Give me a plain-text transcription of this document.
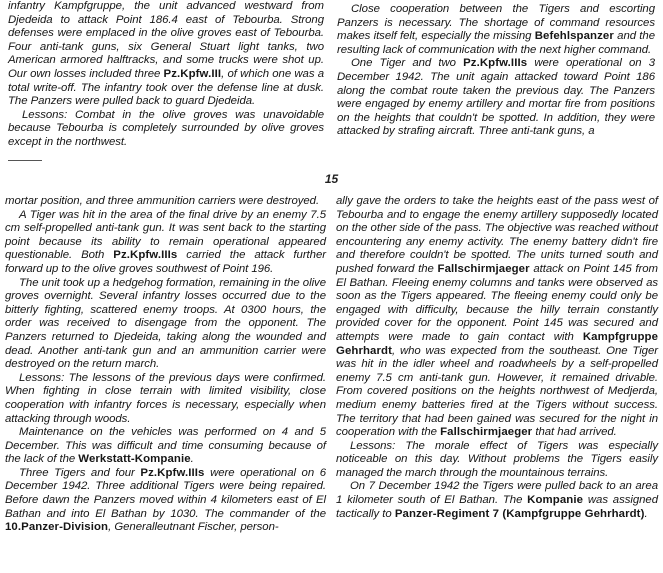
infantry Kampfgruppe, the unit advanced westward from Djedeida to attack Point 186.4 east of Tebourba. Strong defenses were emplaced in the olive groves east of Tebourba. Four anti-tank guns, six General Stuart light tanks, two American armored halftracks, and some trucks were shot up. Our own losses included three Pz.Kpfw.III, of which one was a total write-off. The infantry took over the defense line at dusk. The Panzers were pulled back to guard Djedeida.

Lessons: Combat in the olive groves was unavoidable because Tebourba is completely surrounded by olive groves except in the northwest.

Close cooperation between the Tigers and escorting Panzers is necessary. The shortage of command resources makes itself felt, especially the missing Befehlspanzer and the resulting lack of communication with the next higher command.

One Tiger and two Pz.Kpfw.IIIs were operational on 3 December 1942. The unit again attacked toward Point 186 along the combat route taken the previous day. The Panzers were engaged by enemy artillery and mortar fire from positions on the heights that couldn't be spotted. In addition, they were attacked by strafing aircraft. Three anti-tank guns, a

15

mortar position, and three ammunition carriers were destroyed.

A Tiger was hit in the area of the final drive by an enemy 7.5 cm self-propelled anti-tank gun. It was sent back to the starting point because its ability to remain operational appeared questionable. Both Pz.Kpfw.IIIs carried the attack further forward up to the olive groves southwest of Point 196.

The unit took up a hedgehog formation, remaining in the olive groves overnight. Several infantry losses occurred due to the bitterly fighting, scattered enemy troops. At 0300 hours, the order was received to disengage from the opponent. The Panzers returned to Djedeida, taking along the wounded and dead. Another anti-tank gun and an ammunition carrier were destroyed on the return march.

Lessons: The lessons of the previous days were confirmed. When fighting in close terrain with limited visibility, close cooperation with infantry forces is necessary, especially when attacking through woods.

Maintenance on the vehicles was performed on 4 and 5 December. This was difficult and time consuming because of the lack of the Werkstatt-Kompanie.

Three Tigers and four Pz.Kpfw.IIIs were operational on 6 December 1942. Three additional Tigers were being repaired. Before dawn the Panzers moved within 4 kilometers east of El Bathan and into El Bathan by 1030. The commander of the 10.Panzer-Division, Generalleutnant Fischer, person-

ally gave the orders to take the heights east of the pass west of Tebourba and to engage the enemy artillery supposedly located on the other side of the pass. The objective was reached without encountering any enemy activity. The enemy battery didn't fire and therefore couldn't be spotted. The units turned south and pushed forward the Fallschirmjaeger attack on Point 145 from El Bathan. Fleeing enemy columns and tanks were observed as soon as the Tigers appeared. The fleeing enemy could only be engaged with difficulty, because the hilly terrain constantly provided cover for the opponent. Point 145 was secured and attempts were made to gain contact with Kampfgruppe Gehrhardt, who was expected from the southeast. One Tiger was hit in the idler wheel and roadwheels by a self-propelled enemy 7.5 cm anti-tank gun. However, it remained drivable. From covered positions on the heights northwest of Medjerda, medium enemy batteries fired at the Tigers without success. The territory that had been gained was secured for the night in cooperation with the Fallschirmjaeger that had arrived.

Lessons: The morale effect of Tigers was especially noticeable on this day. Without problems the Tigers easily managed the march through the mountainous terrains.

On 7 December 1942 the Tigers were pulled back to an area 1 kilometer south of El Bathan. The Kompanie was assigned tactically to Panzer-Regiment 7 (Kampfgruppe Gehrhardt).
